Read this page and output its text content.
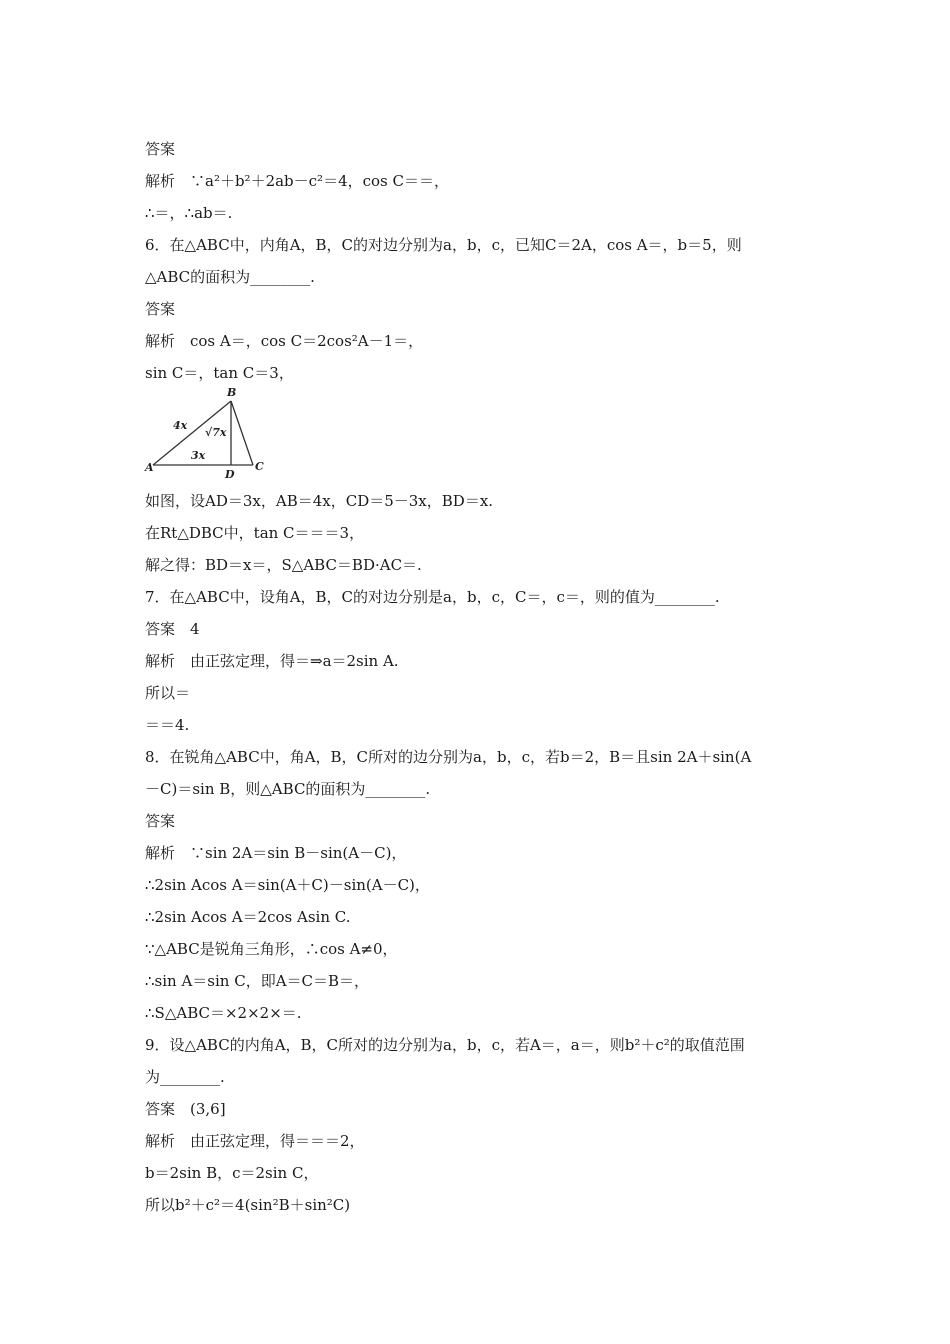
答案
解析　∵a²＋b²＋2ab－c²＝4，cos C＝＝，
∴＝，∴ab＝.
6．在△ABC中，内角A，B，C的对边分别为a，b，c，已知C＝2A，cos A＝，b＝5，则
△ABC的面积为________.
答案
解析　cos A＝，cos C＝2cos²A－1＝，
sin C＝，tan C＝3，
A
B
C
D
4x
√7x
3x
如图，设AD＝3x，AB＝4x，CD＝5－3x，BD＝x.
在Rt△DBC中，tan C＝＝＝3，
解之得：BD＝x＝，S△ABC＝BD·AC＝.
7．在△ABC中，设角A，B，C的对边分别是a，b，c，C＝，c＝，则的值为________.
答案　4
解析　由正弦定理，得＝⇒a＝2sin A.
所以＝
＝＝4.
8．在锐角△ABC中，角A，B，C所对的边分别为a，b，c，若b＝2，B＝且sin 2A＋sin(A
－C)＝sin B，则△ABC的面积为________.
答案
解析　∵sin 2A＝sin B－sin(A－C)，
∴2sin Acos A＝sin(A＋C)－sin(A－C)，
∴2sin Acos A＝2cos Asin C.
∵△ABC是锐角三角形，∴cos A≠0，
∴sin A＝sin C，即A＝C＝B＝，
∴S△ABC＝×2×2×＝.
9．设△ABC的内角A，B，C所对的边分别为a，b，c，若A＝，a＝，则b²＋c²的取值范围
为________.
答案　(3,6]
解析　由正弦定理，得＝＝＝2，
b＝2sin B，c＝2sin C，
所以b²＋c²＝4(sin²B＋sin²C)
